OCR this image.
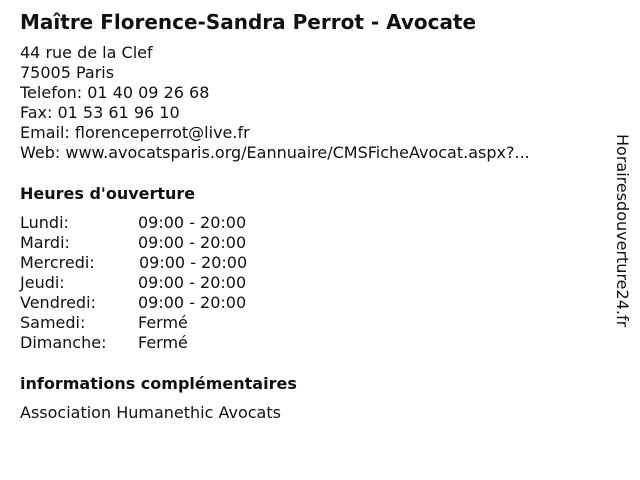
Maître Florence-Sandra Perrot - Avocate
44 rue de la Clef
75005 Paris
Telefon: 01 40 09 26 68
Fax: 01 53 61 96 10
Email: florenceperrot@live.fr
Web: www.avocatsparis.org/Eannuaire/CMSFicheAvocat.aspx?...
Heures d'ouverture
Lundi:	09:00 - 20:00
Mardi:	09:00 - 20:00
Mercredi:	09:00 - 20:00
Jeudi:	09:00 - 20:00
Vendredi:	09:00 - 20:00
Samedi:	Fermé
Dimanche: Fermé
informations complémentaires
Association Humanethic Avocats
Horairesdouverture24.fr
